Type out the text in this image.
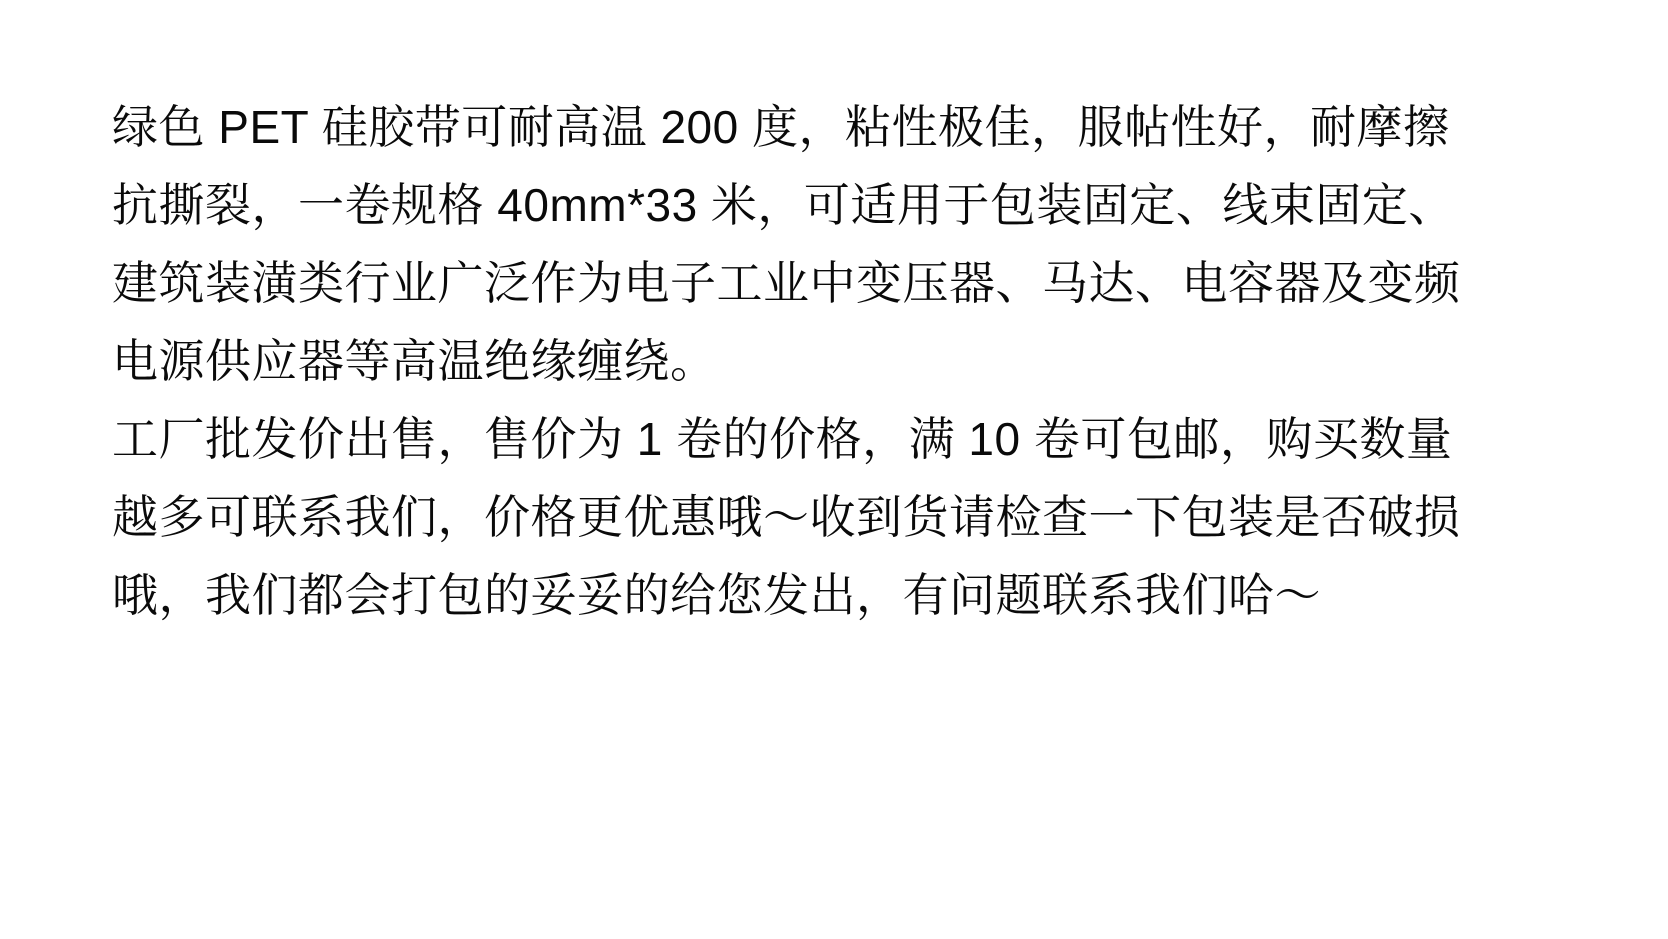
绿色 PET 硅胶带可耐高温 200 度，粘性极佳，服帖性好，耐摩擦抗撕裂，一卷规格 40mm*33 米，可适用于包装固定、线束固定、建筑装潢类行业广泛作为电子工业中变压器、马达、电容器及变频电源供应器等高温绝缘缠绕。

工厂批发价出售，售价为 1 卷的价格，满 10 卷可包邮，购买数量越多可联系我们，价格更优惠哦～收到货请检查一下包装是否破损哦，我们都会打包的妥妥的给您发出，有问题联系我们哈～
